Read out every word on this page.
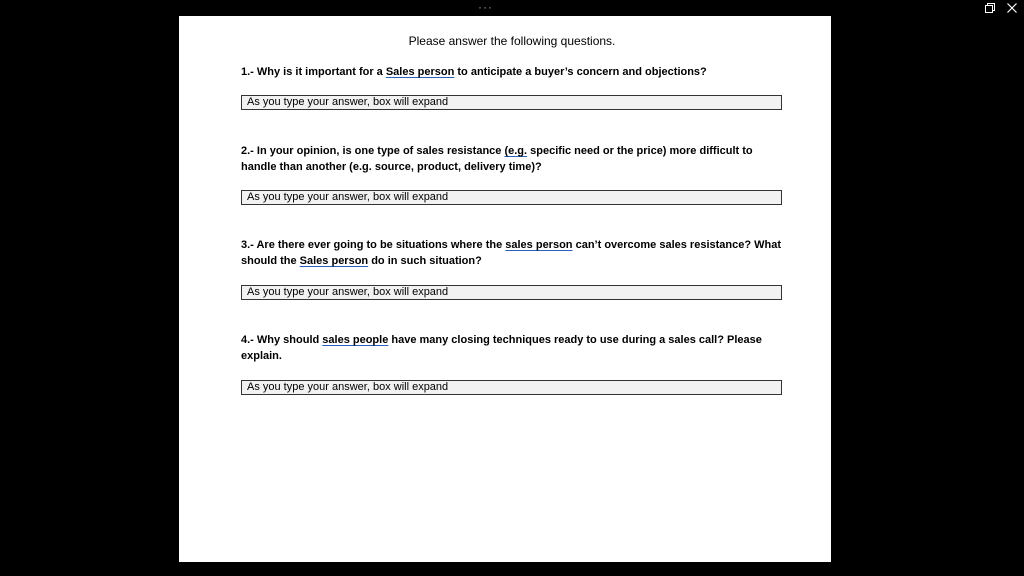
···
Please answer the following questions.
1.- Why is it important for a Sales person to anticipate a buyer’s concern and objections?
As you type your answer, box will expand
2.- In your opinion, is one type of sales resistance (e.g. specific need or the price) more difficult to handle than another (e.g. source, product, delivery time)?
As you type your answer, box will expand
3.- Are there ever going to be situations where the sales person can’t overcome sales resistance? What should the Sales person do in such situation?
As you type your answer, box will expand
4.- Why should sales people have many closing techniques ready to use during a sales call? Please explain.
As you type your answer, box will expand
